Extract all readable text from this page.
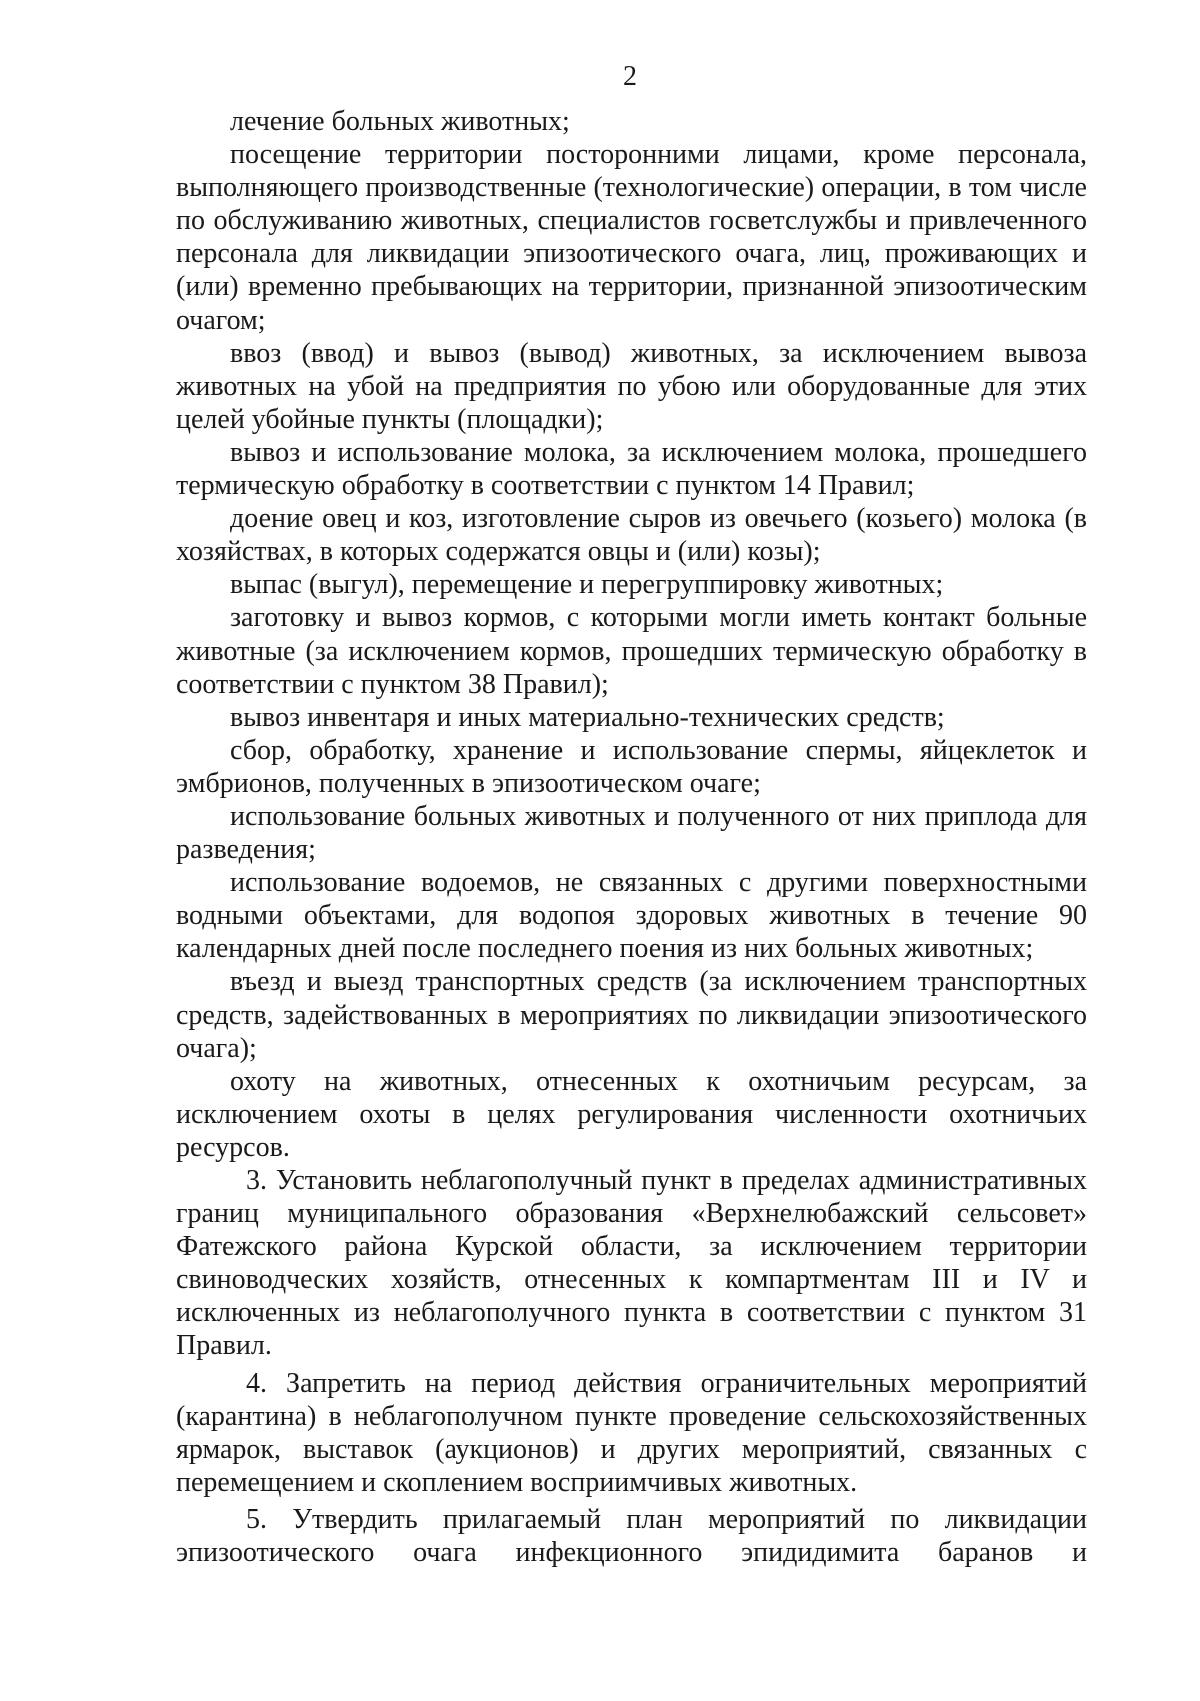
2

лечение больных животных;

посещение территории посторонними лицами, кроме персонала, выполняющего производственные (технологические) операции, в том числе по обслуживанию животных, специалистов госветслужбы и привлеченного персонала для ликвидации эпизоотического очага, лиц, проживающих и (или) временно пребывающих на территории, признанной эпизоотическим очагом;

ввоз (ввод) и вывоз (вывод) животных, за исключением вывоза животных на убой на предприятия по убою или оборудованные для этих целей убойные пункты (площадки);

вывоз и использование молока, за исключением молока, прошедшего термическую обработку в соответствии с пунктом 14 Правил;

доение овец и коз, изготовление сыров из овечьего (козьего) молока (в хозяйствах, в которых содержатся овцы и (или) козы);

выпас (выгул), перемещение и перегруппировку животных;

заготовку и вывоз кормов, с которыми могли иметь контакт больные животные (за исключением кормов, прошедших термическую обработку в соответствии с пунктом 38 Правил);

вывоз инвентаря и иных материально-технических средств;

сбор, обработку, хранение и использование спермы, яйцеклеток и эмбрионов, полученных в эпизоотическом очаге;

использование больных животных и полученного от них приплода для разведения;

использование водоемов, не связанных с другими поверхностными водными объектами, для водопоя здоровых животных в течение 90 календарных дней после последнего поения из них больных животных;

въезд и выезд транспортных средств (за исключением транспортных средств, задействованных в мероприятиях по ликвидации эпизоотического очага);

охоту на животных, отнесенных к охотничьим ресурсам, за исключением охоты в целях регулирования численности охотничьих ресурсов.

3. Установить неблагополучный пункт в пределах административных границ муниципального образования «Верхнелюбажский сельсовет» Фатежского района Курской области, за исключением территории свиноводческих хозяйств, отнесенных к компартментам III и IV и исключенных из неблагополучного пункта в соответствии с пунктом 31 Правил.

4. Запретить на период действия ограничительных мероприятий (карантина) в неблагополучном пункте проведение сельскохозяйственных ярмарок, выставок (аукционов) и других мероприятий, связанных с перемещением и скоплением восприимчивых животных.

5. Утвердить прилагаемый план мероприятий по ликвидации эпизоотического очага инфекционного эпидидимита баранов и
